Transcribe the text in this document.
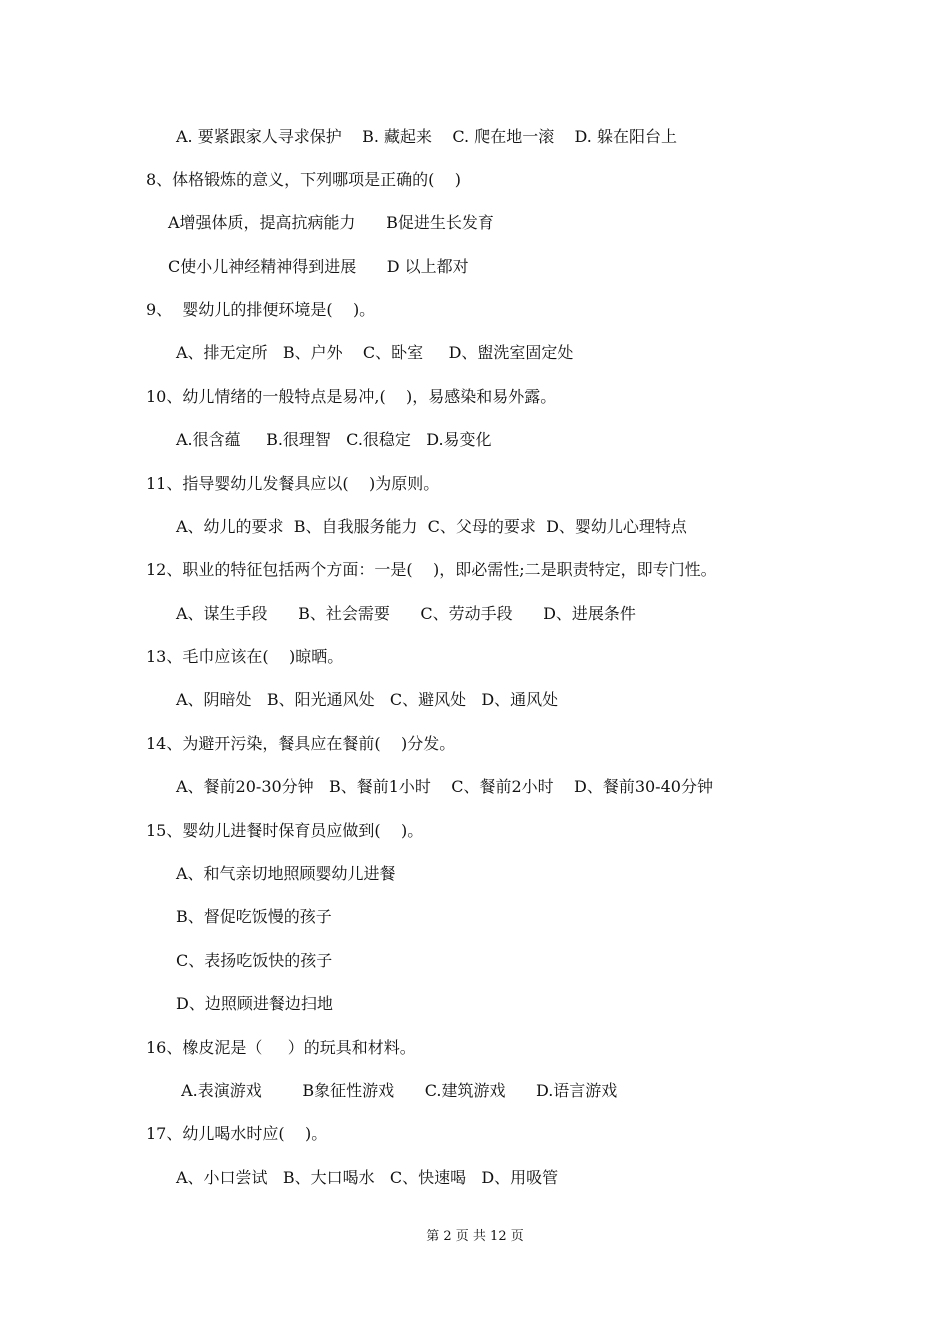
A. 要紧跟家人寻求保护    B. 藏起来    C. 爬在地一滚    D. 躲在阳台上
8、体格锻炼的意义，下列哪项是正确的(    )
A增强体质，提高抗病能力      B促进生长发育
C使小儿神经精神得到进展      D 以上都对
9、  婴幼儿的排便环境是(    )。
A、排无定所   B、户外    C、卧室     D、盥洗室固定处
10、幼儿情绪的一般特点是易冲,(    )，易感染和易外露。
A.很含蕴     B.很理智   C.很稳定   D.易变化
11、指导婴幼儿发餐具应以(    )为原则。
A、幼儿的要求  B、自我服务能力  C、父母的要求  D、婴幼儿心理特点
12、职业的特征包括两个方面：一是(    )，即必需性;二是职责特定，即专门性。
A、谋生手段      B、社会需要      C、劳动手段      D、进展条件
13、毛巾应该在(    )晾晒。
A、阴暗处   B、阳光通风处   C、避风处   D、通风处
14、为避开污染，餐具应在餐前(    )分发。
A、餐前20-30分钟   B、餐前1小时    C、餐前2小时    D、餐前30-40分钟
15、婴幼儿进餐时保育员应做到(    )。
A、和气亲切地照顾婴幼儿进餐
B、督促吃饭慢的孩子
C、表扬吃饭快的孩子
D、边照顾进餐边扫地
16、橡皮泥是（     ）的玩具和材料。
A.表演游戏        B象征性游戏      C.建筑游戏      D.语言游戏
17、幼儿喝水时应(    )。
A、小口尝试   B、大口喝水   C、快速喝   D、用吸管
第 2 页 共 12 页
